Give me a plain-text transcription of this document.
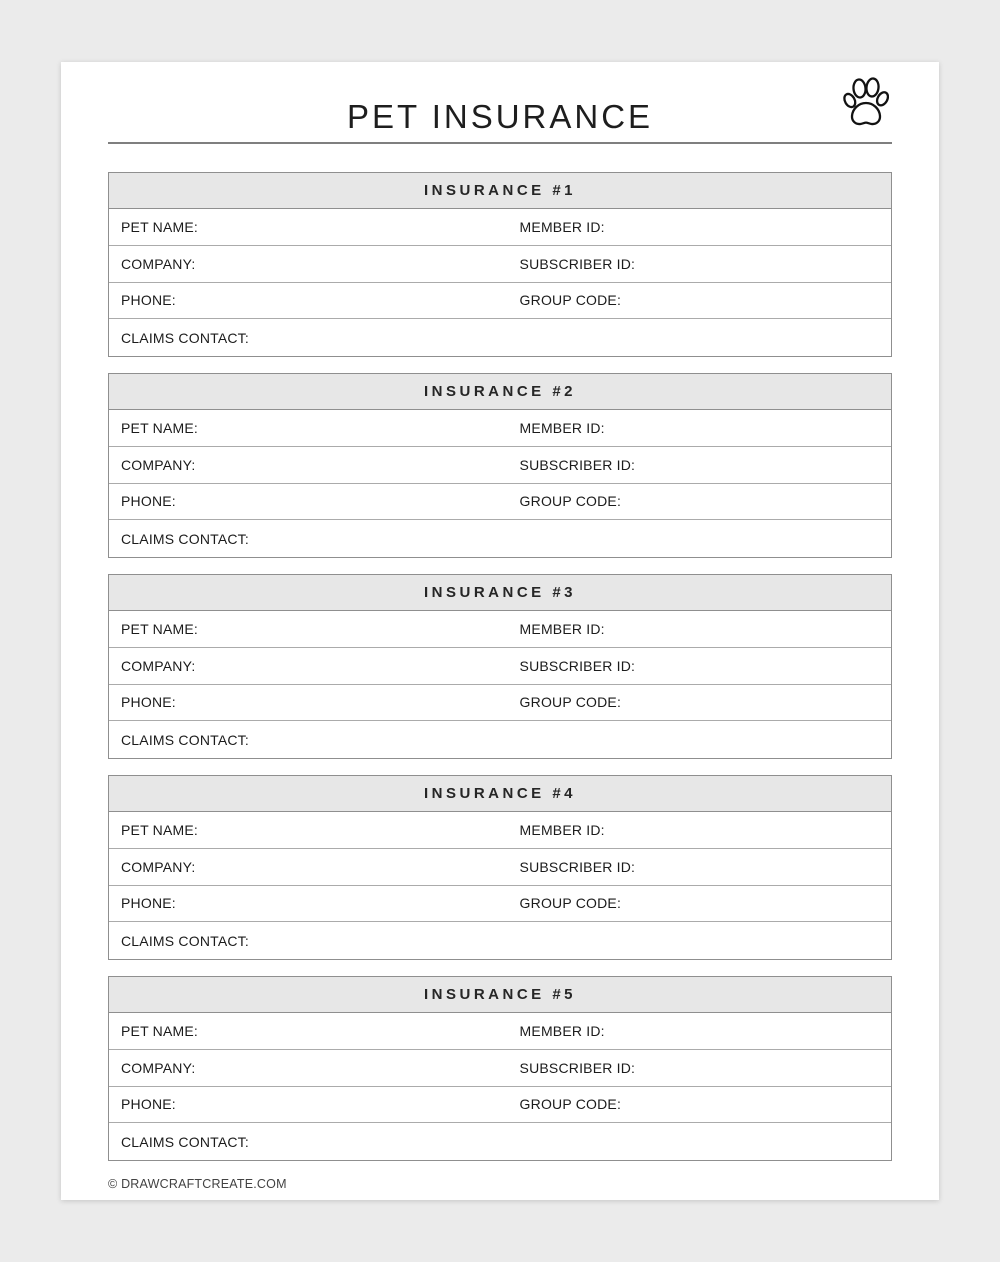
PET INSURANCE
INSURANCE #1
PET NAME:	MEMBER ID:
COMPANY:	SUBSCRIBER ID:
PHONE:	GROUP CODE:
CLAIMS CONTACT:
INSURANCE #2
PET NAME:	MEMBER ID:
COMPANY:	SUBSCRIBER ID:
PHONE:	GROUP CODE:
CLAIMS CONTACT:
INSURANCE #3
PET NAME:	MEMBER ID:
COMPANY:	SUBSCRIBER ID:
PHONE:	GROUP CODE:
CLAIMS CONTACT:
INSURANCE #4
PET NAME:	MEMBER ID:
COMPANY:	SUBSCRIBER ID:
PHONE:	GROUP CODE:
CLAIMS CONTACT:
INSURANCE #5
PET NAME:	MEMBER ID:
COMPANY:	SUBSCRIBER ID:
PHONE:	GROUP CODE:
CLAIMS CONTACT:
© DRAWCRAFTCREATE.COM
